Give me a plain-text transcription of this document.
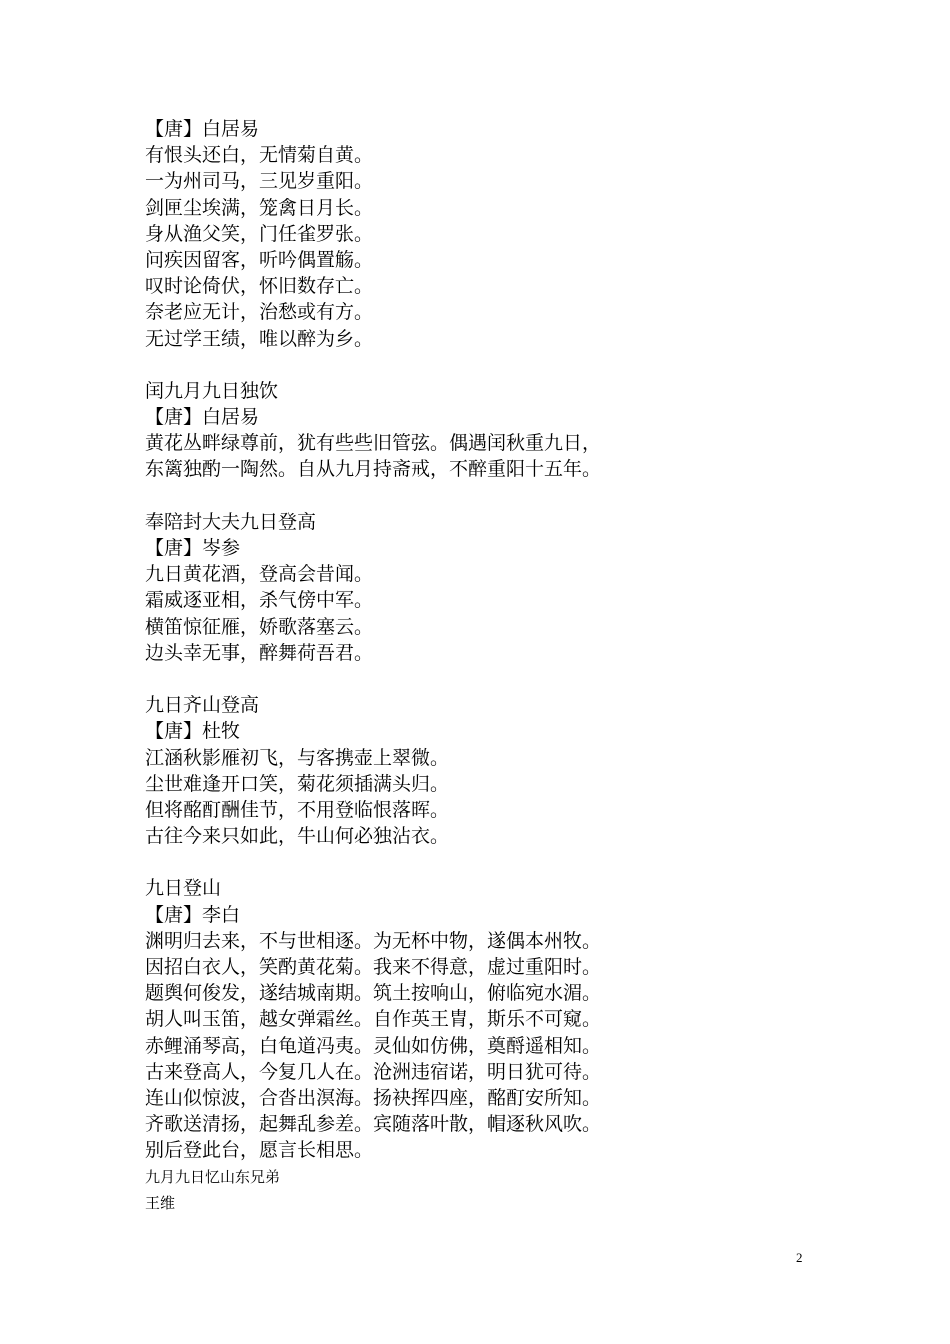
【唐】白居易
有恨头还白，无情菊自黄。
一为州司马，三见岁重阳。
剑匣尘埃满，笼禽日月长。
身从渔父笑，门任雀罗张。
问疾因留客，听吟偶置觞。
叹时论倚伏，怀旧数存亡。
奈老应无计，治愁或有方。
无过学王绩，唯以醉为乡。
闰九月九日独饮
【唐】白居易
黄花丛畔绿尊前，犹有些些旧管弦。偶遇闰秋重九日，
东篱独酌一陶然。自从九月持斋戒，不醉重阳十五年。
奉陪封大夫九日登高
【唐】岑参
九日黄花酒，登高会昔闻。
霜威逐亚相，杀气傍中军。
横笛惊征雁，娇歌落塞云。
边头幸无事，醉舞荷吾君。
九日齐山登高
【唐】杜牧
江涵秋影雁初飞，与客携壶上翠微。
尘世难逢开口笑，菊花须插满头归。
但将酩酊酬佳节，不用登临恨落晖。
古往今来只如此，牛山何必独沾衣。
九日登山
【唐】李白
渊明归去来，不与世相逐。为无杯中物，遂偶本州牧。
因招白衣人，笑酌黄花菊。我来不得意，虚过重阳时。
题舆何俊发，遂结城南期。筑土按响山，俯临宛水湄。
胡人叫玉笛，越女弹霜丝。自作英王胄，斯乐不可窥。
赤鲤涌琴高，白龟道冯夷。灵仙如仿佛，奠酹遥相知。
古来登高人，今复几人在。沧洲违宿诺，明日犹可待。
连山似惊波，合沓出溟海。扬袂挥四座，酩酊安所知。
齐歌送清扬，起舞乱参差。宾随落叶散，帽逐秋风吹。
别后登此台，愿言长相思。
九月九日忆山东兄弟
王维
2
